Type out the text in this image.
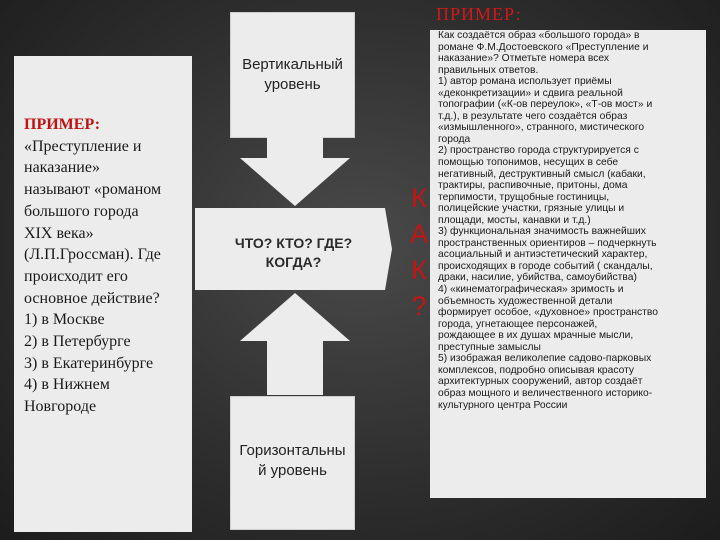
ПРИМЕР:
ПРИМЕР:
«Преступление и
наказание»
называют «романом
большого города
XIX века»
(Л.П.Гроссман). Где
происходит его
основное действие?
1) в Москве
2) в Петербурге
3) в Екатеринбурге
4) в Нижнем
Новгороде
Вертикальный
уровень
ЧТО? КТО? ГДЕ?
КОГДА?
Горизонтальны
й уровень
К
А
К
?
Как создаётся образ «большого города» в
романе Ф.М.Достоевского «Преступление и
наказание»? Отметьте номера всех
правильных ответов.
1) автор романа использует приёмы
«деконкретизации» и сдвига реальной
топографии («К-ов переулок», «Т-ов мост» и
т.д.), в результате чего создаётся образ
«измышленного», странного, мистического
города
2) пространство города структурируется с
помощью топонимов, несущих в себе
негативный, деструктивный смысл (кабаки,
трактиры, распивочные, притоны, дома
терпимости, трущобные гостиницы,
полицейские участки, грязные улицы и
площади, мосты, канавки и т.д.)
3) функциональная значимость важнейших
пространственных ориентиров – подчеркнуть
асоциальный и антиэстетический характер,
происходящих в городе событий ( скандалы,
драки, насилие, убийства, самоубийства)
4) «кинематографическая» зримость и
объемность художественной детали
формирует особое, «духовное» пространство
города, угнетающее персонажей,
рождающее в их душах мрачные мысли,
преступные замыслы
5) изображая великолепие садово-парковых
комплексов, подробно описывая красоту
архитектурных сооружений, автор создаёт
образ мощного и величественного историко-
культурного центра России
